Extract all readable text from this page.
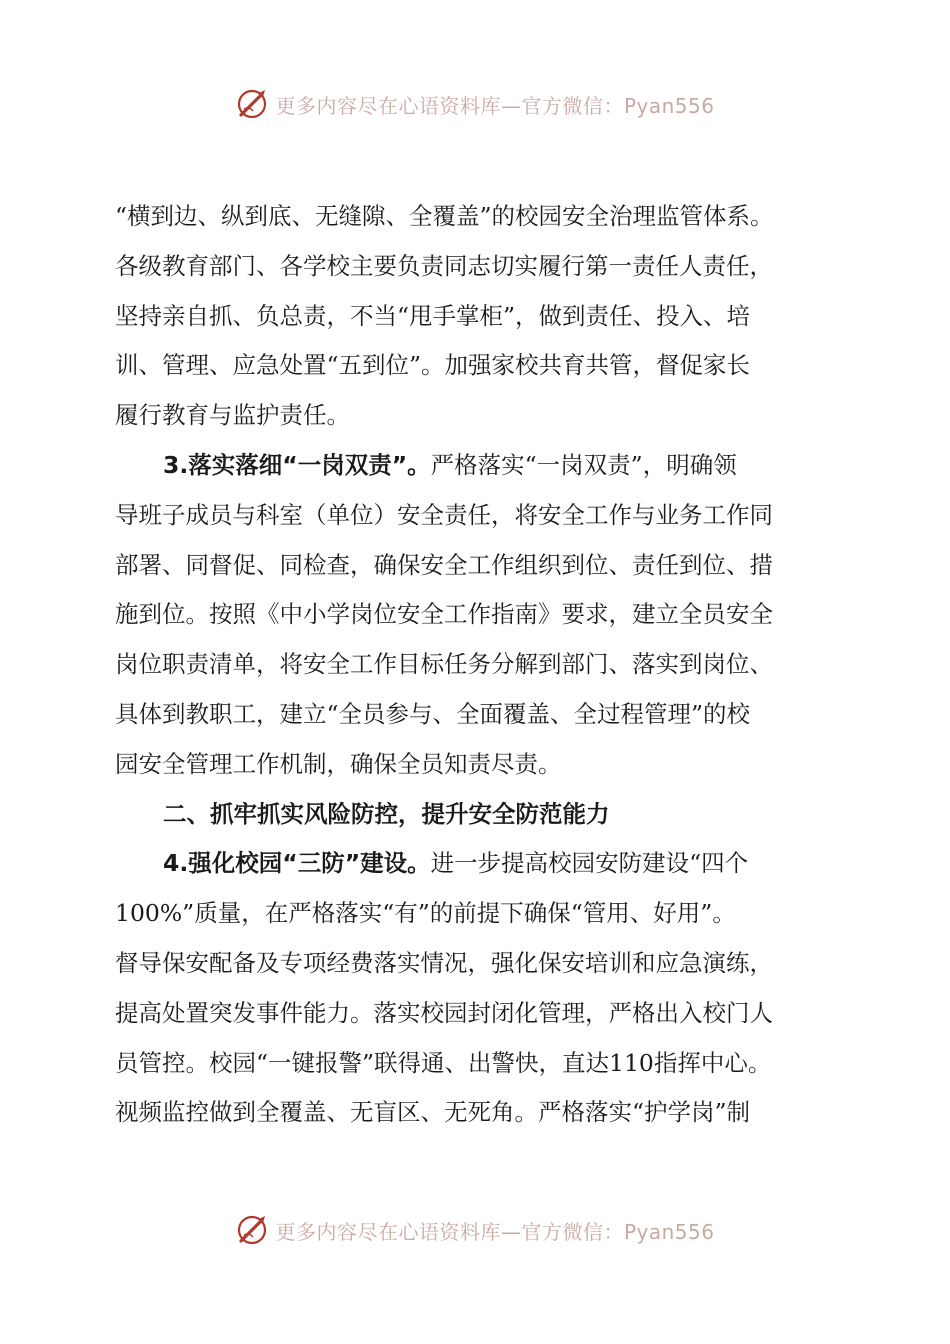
更多内容尽在心语资料库—官方微信：Pyan556
“横到边、纵到底、无缝隙、全覆盖”的校园安全治理监管体系。
各级教育部门、各学校主要负责同志切实履行第一责任人责任，
坚持亲自抓、负总责，不当“甩手掌柜”，做到责任、投入、培
训、管理、应急处置“五到位”。加强家校共育共管，督促家长
履行教育与监护责任。
3.落实落细“一岗双责”。严格落实“一岗双责”，明确领
导班子成员与科室（单位）安全责任，将安全工作与业务工作同
部署、同督促、同检查，确保安全工作组织到位、责任到位、措
施到位。按照《中小学岗位安全工作指南》要求，建立全员安全
岗位职责清单，将安全工作目标任务分解到部门、落实到岗位、
具体到教职工，建立“全员参与、全面覆盖、全过程管理”的校
园安全管理工作机制，确保全员知责尽责。
二、抓牢抓实风险防控，提升安全防范能力
4.强化校园“三防”建设。进一步提高校园安防建设“四个
100%”质量，在严格落实“有”的前提下确保“管用、好用”。
督导保安配备及专项经费落实情况，强化保安培训和应急演练，
提高处置突发事件能力。落实校园封闭化管理，严格出入校门人
员管控。校园“一键报警”联得通、出警快，直达110指挥中心。
视频监控做到全覆盖、无盲区、无死角。严格落实“护学岗”制
更多内容尽在心语资料库—官方微信：Pyan556
